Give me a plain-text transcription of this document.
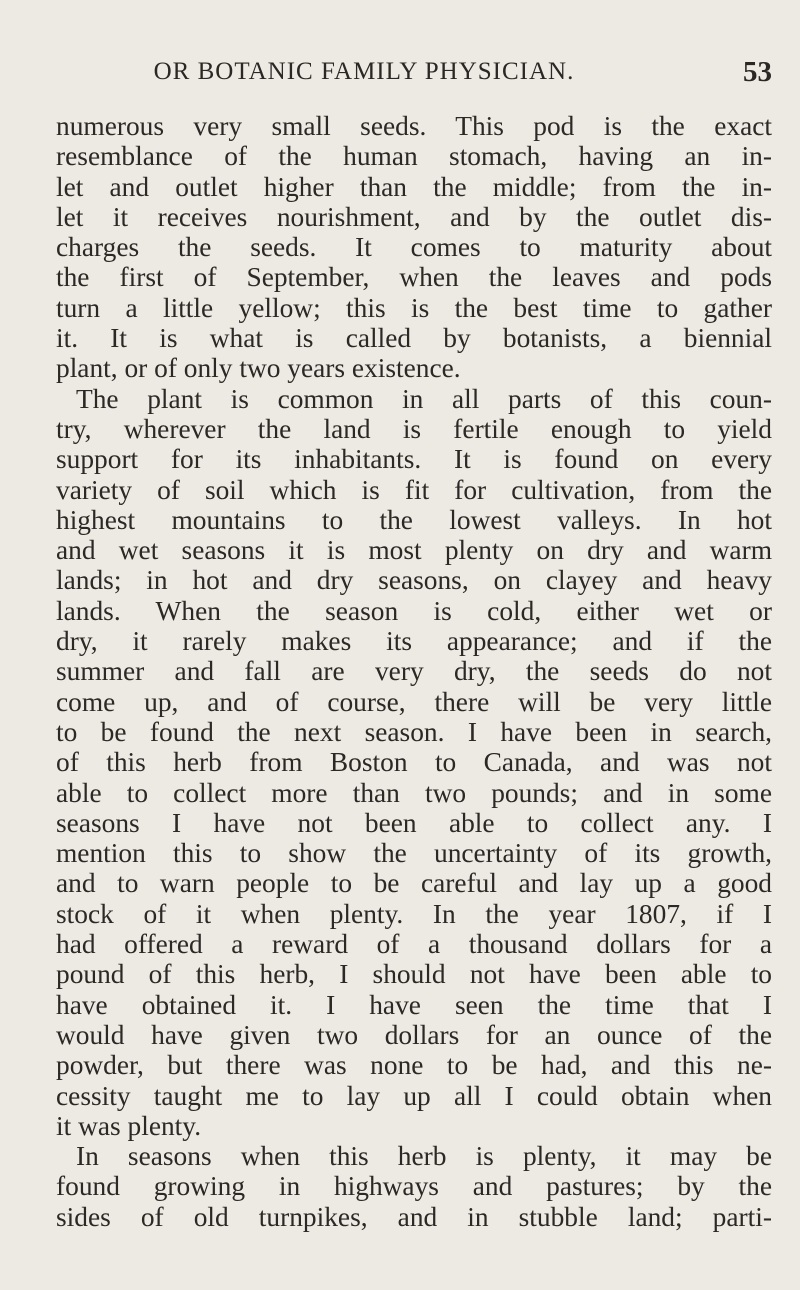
OR BOTANIC FAMILY PHYSICIAN.	53
numerous very small seeds. This pod is the exact
resemblance of the human stomach, having an in-
let and outlet higher than the middle; from the in-
let it receives nourishment, and by the outlet dis-
charges the seeds. It comes to maturity about
the first of September, when the leaves and pods
turn a little yellow; this is the best time to gather
it. It is what is called by botanists, a biennial
plant, or of only two years existence.
The plant is common in all parts of this coun-
try, wherever the land is fertile enough to yield
support for its inhabitants. It is found on every
variety of soil which is fit for cultivation, from the
highest mountains to the lowest valleys. In hot
and wet seasons it is most plenty on dry and warm
lands; in hot and dry seasons, on clayey and heavy
lands. When the season is cold, either wet or
dry, it rarely makes its appearance; and if the
summer and fall are very dry, the seeds do not
come up, and of course, there will be very little
to be found the next season. I have been in search,
of this herb from Boston to Canada, and was not
able to collect more than two pounds; and in some
seasons I have not been able to collect any. I
mention this to show the uncertainty of its growth,
and to warn people to be careful and lay up a good
stock of it when plenty. In the year 1807, if I
had offered a reward of a thousand dollars for a
pound of this herb, I should not have been able to
have obtained it. I have seen the time that I
would have given two dollars for an ounce of the
powder, but there was none to be had, and this ne-
cessity taught me to lay up all I could obtain when
it was plenty.
In seasons when this herb is plenty, it may be
found growing in highways and pastures; by the
sides of old turnpikes, and in stubble land; parti-
